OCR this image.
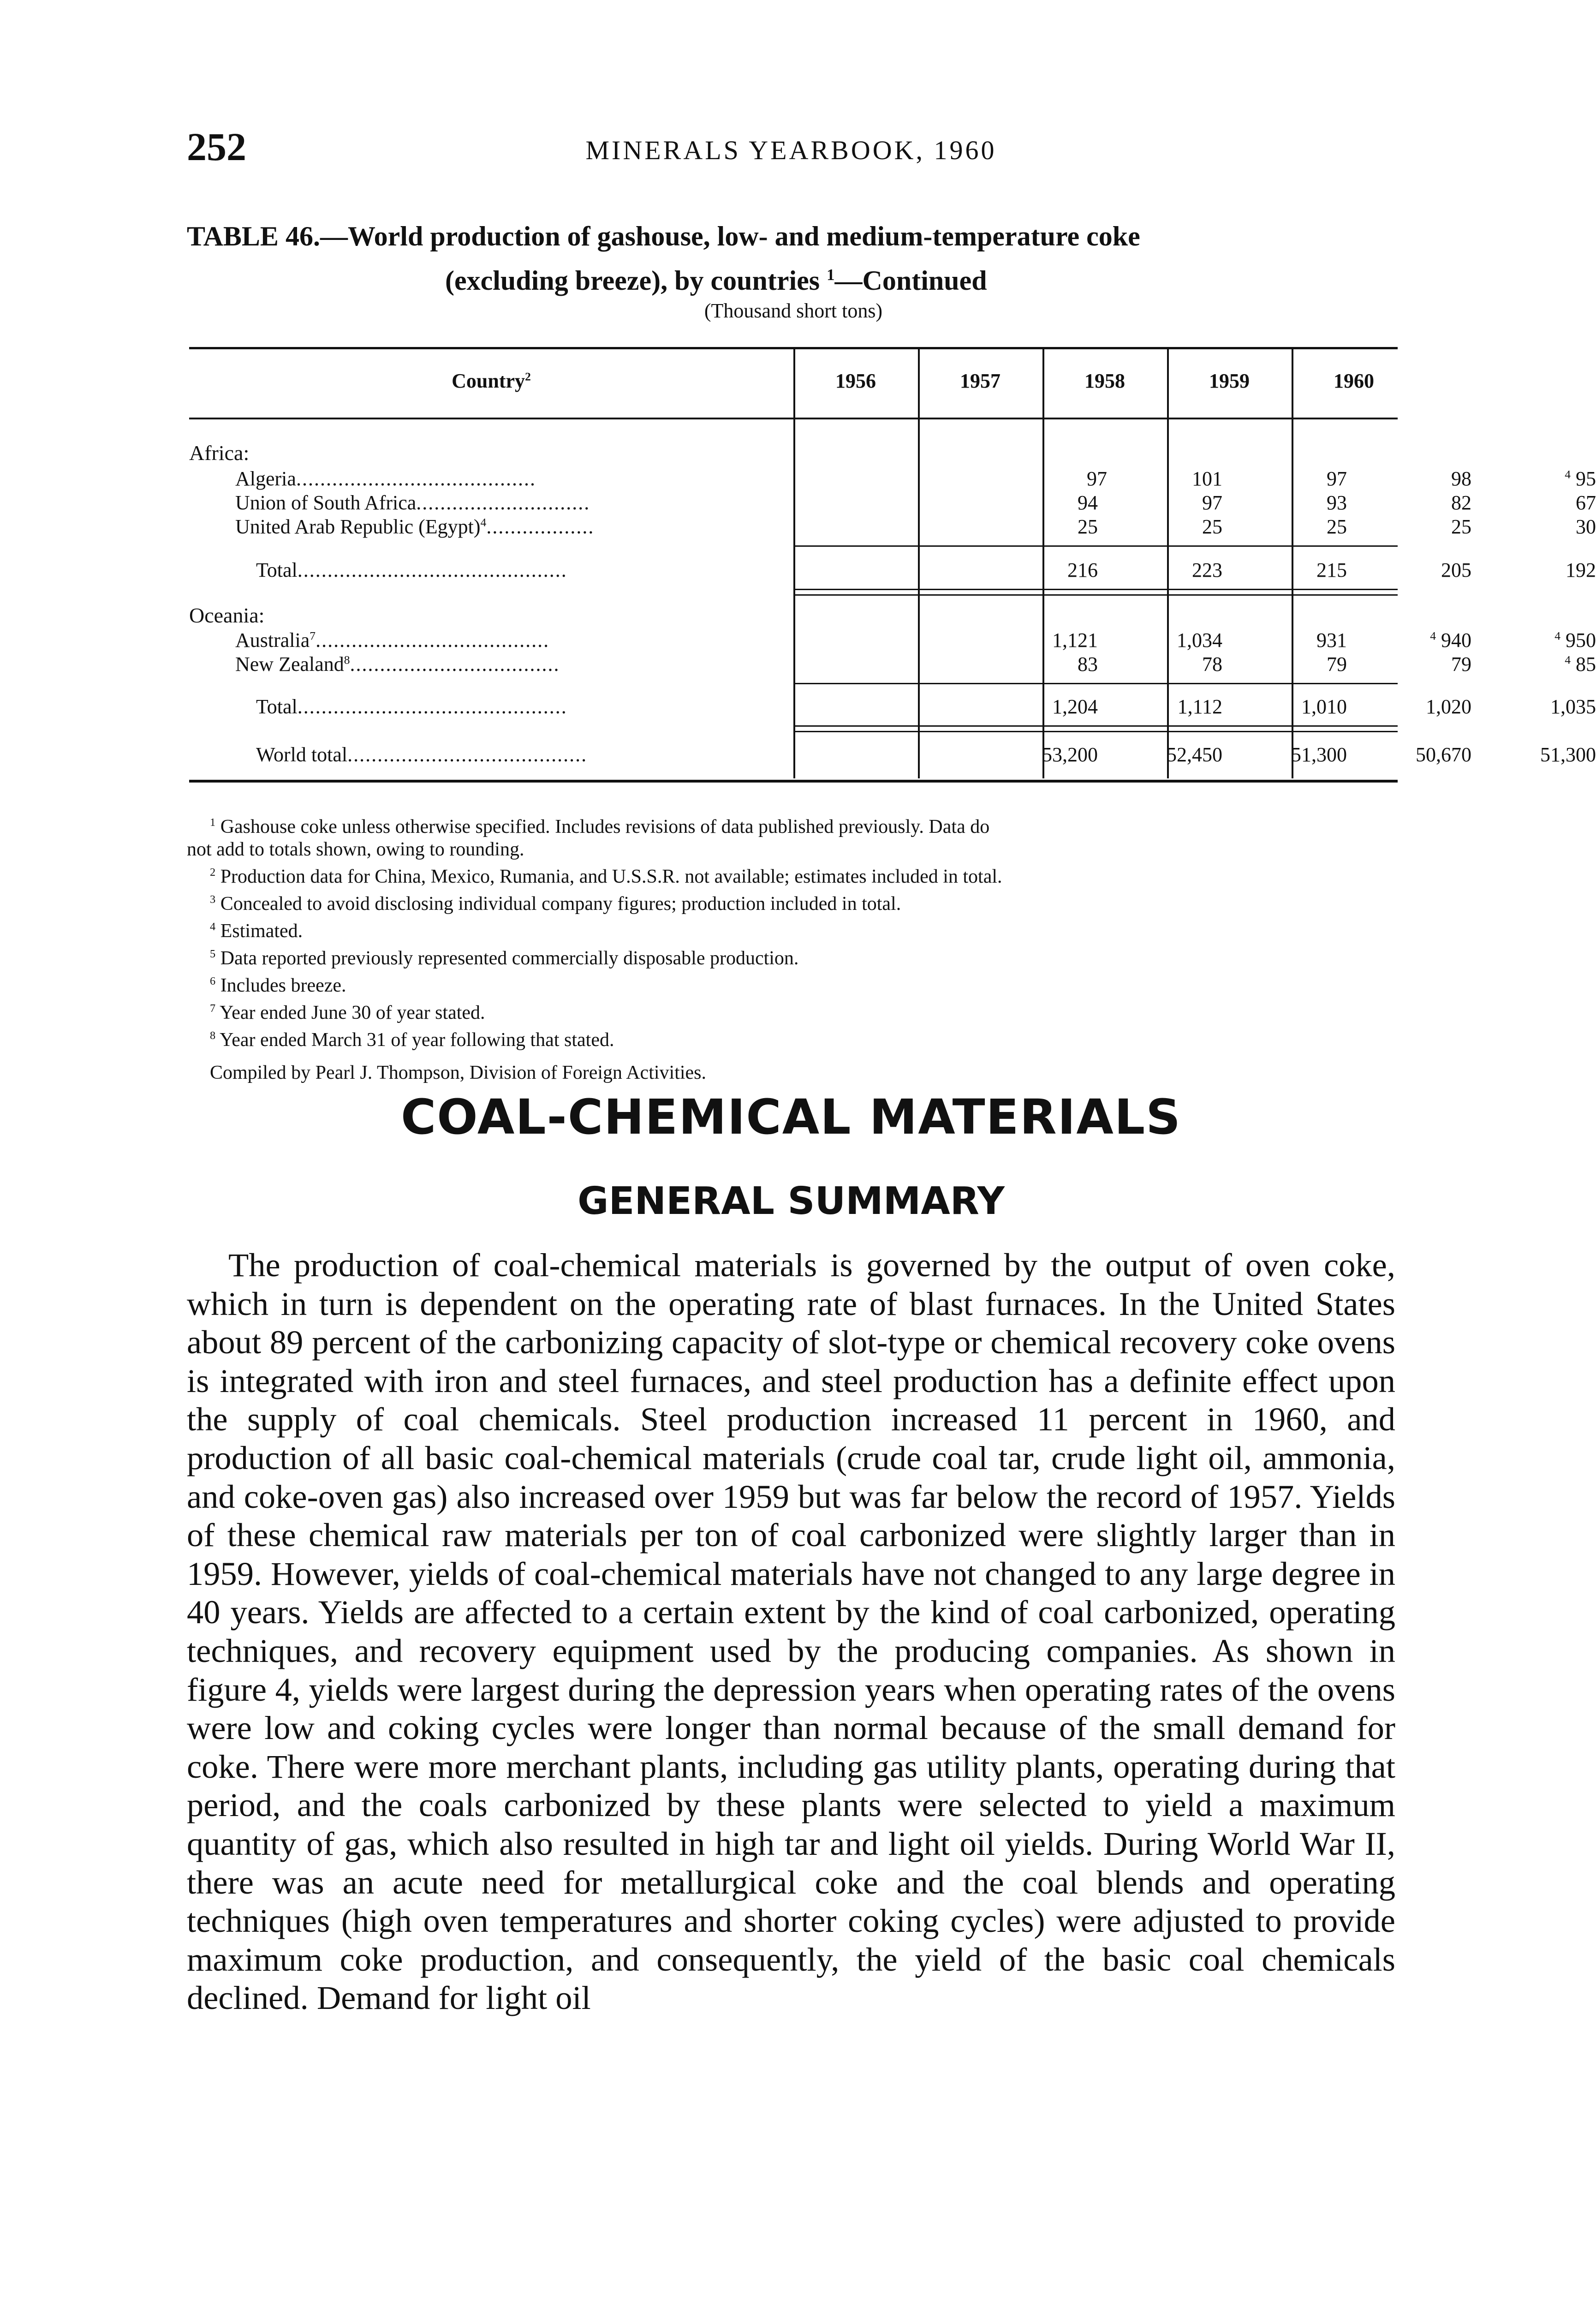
252	MINERALS YEARBOOK, 1960
TABLE 46.—World production of gashouse, low- and medium-temperature coke
(excluding breeze), by countries $^1$—Continued
(Thousand short tons)
Country$^2$	1956	1957	1958	1959	1960
Africa:
Algeria........................................	97	101	97	98	$^4$ 95
Union of South Africa.............................	94	97	93	82	67
United Arab Republic (Egypt)$^4$..................	25	25	25	25	30
Total.............................................	216	223	215	205	192
Oceania:
Australia$^7$.......................................	1,121	1,034	931	$^4$ 940	$^4$ 950
New Zealand$^8$...................................	83	78	79	79	$^4$ 85
Total.............................................	1,204	1,112	1,010	1,020	1,035
World total........................................	53,200	52,450	51,300	50,670	51,300

$^1$ Gashouse coke unless otherwise specified. Includes revisions of data published previously. Data do

not add to totals shown, owing to rounding.

$^2$ Production data for China, Mexico, Rumania, and U.S.S.R. not available; estimates included in total.

$^3$ Concealed to avoid disclosing individual company figures; production included in total.

$^4$ Estimated.

$^5$ Data reported previously represented commercially disposable production.

$^6$ Includes breeze.

$^7$ Year ended June 30 of year stated.

$^8$ Year ended March 31 of year following that stated.

Compiled by Pearl J. Thompson, Division of Foreign Activities.

COAL-CHEMICAL MATERIALS
GENERAL SUMMARY

The production of coal-chemical materials is governed by the output of oven coke, which in turn is dependent on the operating rate of blast furnaces. In the United States about 89 percent of the carbonizing capacity of slot-type or chemical recovery coke ovens is integrated with iron and steel furnaces, and steel production has a definite effect upon the supply of coal chemicals. Steel production increased 11 percent in 1960, and production of all basic coal-chemical materials (crude coal tar, crude light oil, ammonia, and coke-oven gas) also increased over 1959 but was far below the record of 1957. Yields of these chemical raw materials per ton of coal carbonized were slightly larger than in 1959. However, yields of coal-chemical materials have not changed to any large degree in 40 years. Yields are affected to a certain extent by the kind of coal carbonized, operating techniques, and recovery equipment used by the producing companies. As shown in figure 4, yields were largest during the depression years when operating rates of the ovens were low and coking cycles were longer than normal because of the small demand for coke. There were more merchant plants, including gas utility plants, operating during that period, and the coals carbonized by these plants were selected to yield a maximum quantity of gas, which also resulted in high tar and light oil yields. During World War II, there was an acute need for metallurgical coke and the coal blends and operating techniques (high oven temperatures and shorter coking cycles) were adjusted to provide maximum coke production, and consequently, the yield of the basic coal chemicals declined. Demand for light oil
